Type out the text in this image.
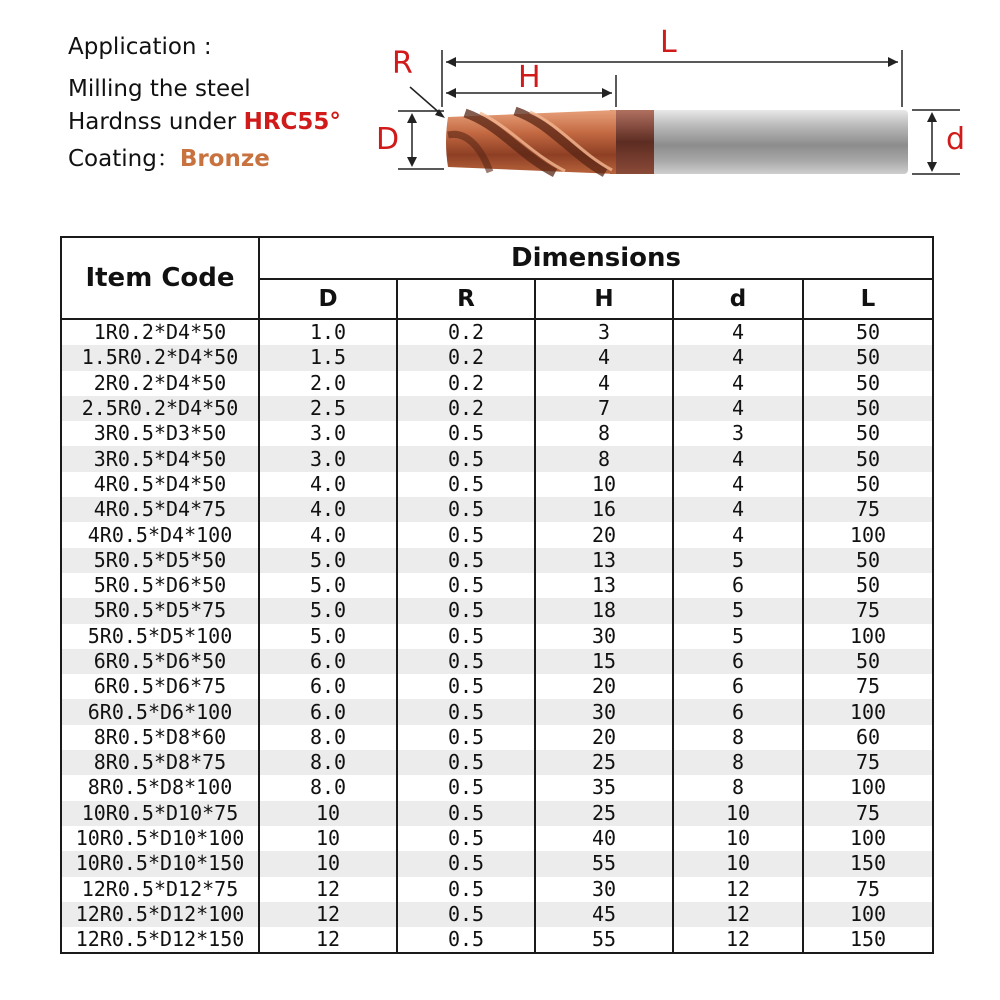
Application :
Milling the steel
Hardnss under HRC55°
Coating：Bronze
L
H
R
D	d
Item Code	Dimensions				
	D	R	H	d	L
1R0.2*D4*50	1.0	0.2	3	4	50
1.5R0.2*D4*50	1.5	0.2	4	4	50
2R0.2*D4*50	2.0	0.2	4	4	50
2.5R0.2*D4*50	2.5	0.2	7	4	50
3R0.5*D3*50	3.0	0.5	8	3	50
3R0.5*D4*50	3.0	0.5	8	4	50
4R0.5*D4*50	4.0	0.5	10	4	50
4R0.5*D4*75	4.0	0.5	16	4	75
4R0.5*D4*100	4.0	0.5	20	4	100
5R0.5*D5*50	5.0	0.5	13	5	50
5R0.5*D6*50	5.0	0.5	13	6	50
5R0.5*D5*75	5.0	0.5	18	5	75
5R0.5*D5*100	5.0	0.5	30	5	100
6R0.5*D6*50	6.0	0.5	15	6	50
6R0.5*D6*75	6.0	0.5	20	6	75
6R0.5*D6*100	6.0	0.5	30	6	100
8R0.5*D8*60	8.0	0.5	20	8	60
8R0.5*D8*75	8.0	0.5	25	8	75
8R0.5*D8*100	8.0	0.5	35	8	100
10R0.5*D10*75	10	0.5	25	10	75
10R0.5*D10*100	10	0.5	40	10	100
10R0.5*D10*150	10	0.5	55	10	150
12R0.5*D12*75	12	0.5	30	12	75
12R0.5*D12*100	12	0.5	45	12	100
12R0.5*D12*150	12	0.5	55	12	150
